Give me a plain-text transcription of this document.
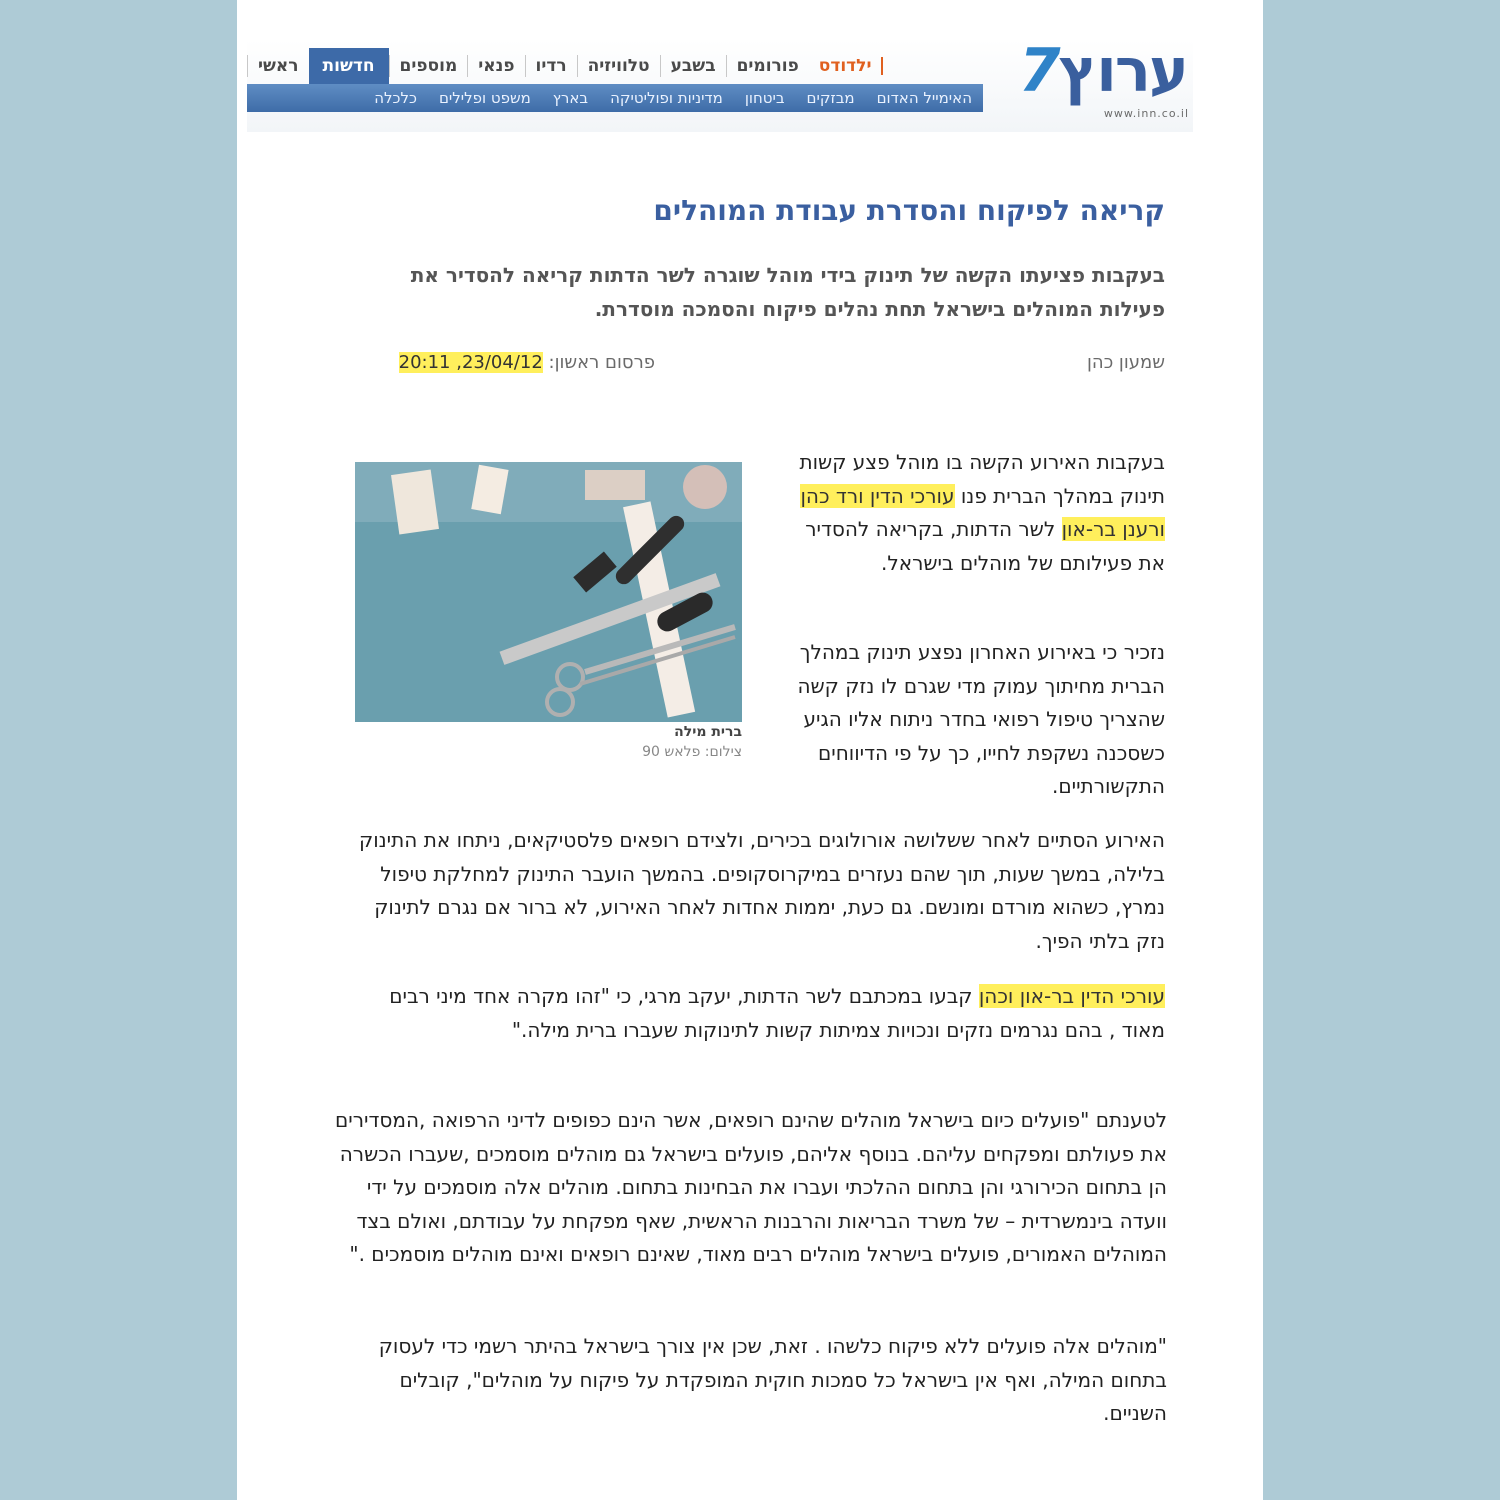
7ערוץ
www.inn.co.il
ראשי	חדשות	מוספים	פנאי	רדיו	טלוויזיה	בשבע	פורומים	ילדודס
האימייל האדום
מבזקים
ביטחון
מדיניות ופוליטיקה
בארץ
משפט ופלילים
כלכלה
קריאה לפיקוח והסדרת עבודת המוהלים
בעקבות פציעתו הקשה של תינוק בידי מוהל שוגרה לשר הדתות קריאה להסדיר את פעילות המוהלים בישראל תחת נהלים פיקוח והסמכה מוסדרת.
שמעון כהן
פרסום ראשון: 23/04/12, 20:11
ברית מילה
צילום: פלאש 90
בעקבות האירוע הקשה בו מוהל פצע קשות תינוק במהלך הברית פנו עורכי הדין ורד כהן ורענן בר-און לשר הדתות, בקריאה להסדיר את פעילותם של מוהלים בישראל.
נזכיר כי באירוע האחרון נפצע תינוק במהלך הברית מחיתוך עמוק מדי שגרם לו נזק קשה שהצריך טיפול רפואי בחדר ניתוח אליו הגיע כשסכנה נשקפת לחייו, כך על פי הדיווחים התקשורתיים.
האירוע הסתיים לאחר ששלושה אורולוגים בכירים, ולצידם רופאים פלסטיקאים, ניתחו את התינוק בלילה, במשך שעות, תוך שהם נעזרים במיקרוסקופים. בהמשך הועבר התינוק למחלקת טיפול נמרץ, כשהוא מורדם ומונשם. גם כעת, יממות אחדות לאחר האירוע, לא ברור אם נגרם לתינוק נזק בלתי הפיך.
עורכי הדין בר-און וכהן קבעו במכתבם לשר הדתות, יעקב מרגי, כי "זהו מקרה אחד מיני רבים מאוד , בהם נגרמים נזקים ונכויות צמיתות קשות לתינוקות שעברו ברית מילה."
לטענתם "פועלים כיום בישראל מוהלים שהינם רופאים, אשר הינם כפופים לדיני הרפואה ,המסדירים את פעולתם ומפקחים עליהם. בנוסף אליהם, פועלים בישראל גם מוהלים מוסמכים ,שעברו הכשרה הן בתחום הכירורגי והן בתחום ההלכתי ועברו את הבחינות בתחום. מוהלים אלה מוסמכים על ידי וועדה בינמשרדית – של משרד הבריאות והרבנות הראשית, שאף מפקחת על עבודתם, ואולם בצד המוהלים האמורים, פועלים בישראל מוהלים רבים מאוד, שאינם רופאים ואינם מוהלים מוסמכים ."
"מוהלים אלה פועלים ללא פיקוח כלשהו . זאת, שכן אין צורך בישראל בהיתר רשמי כדי לעסוק בתחום המילה, ואף אין בישראל כל סמכות חוקית המופקדת על פיקוח על מוהלים", קובלים השניים.
